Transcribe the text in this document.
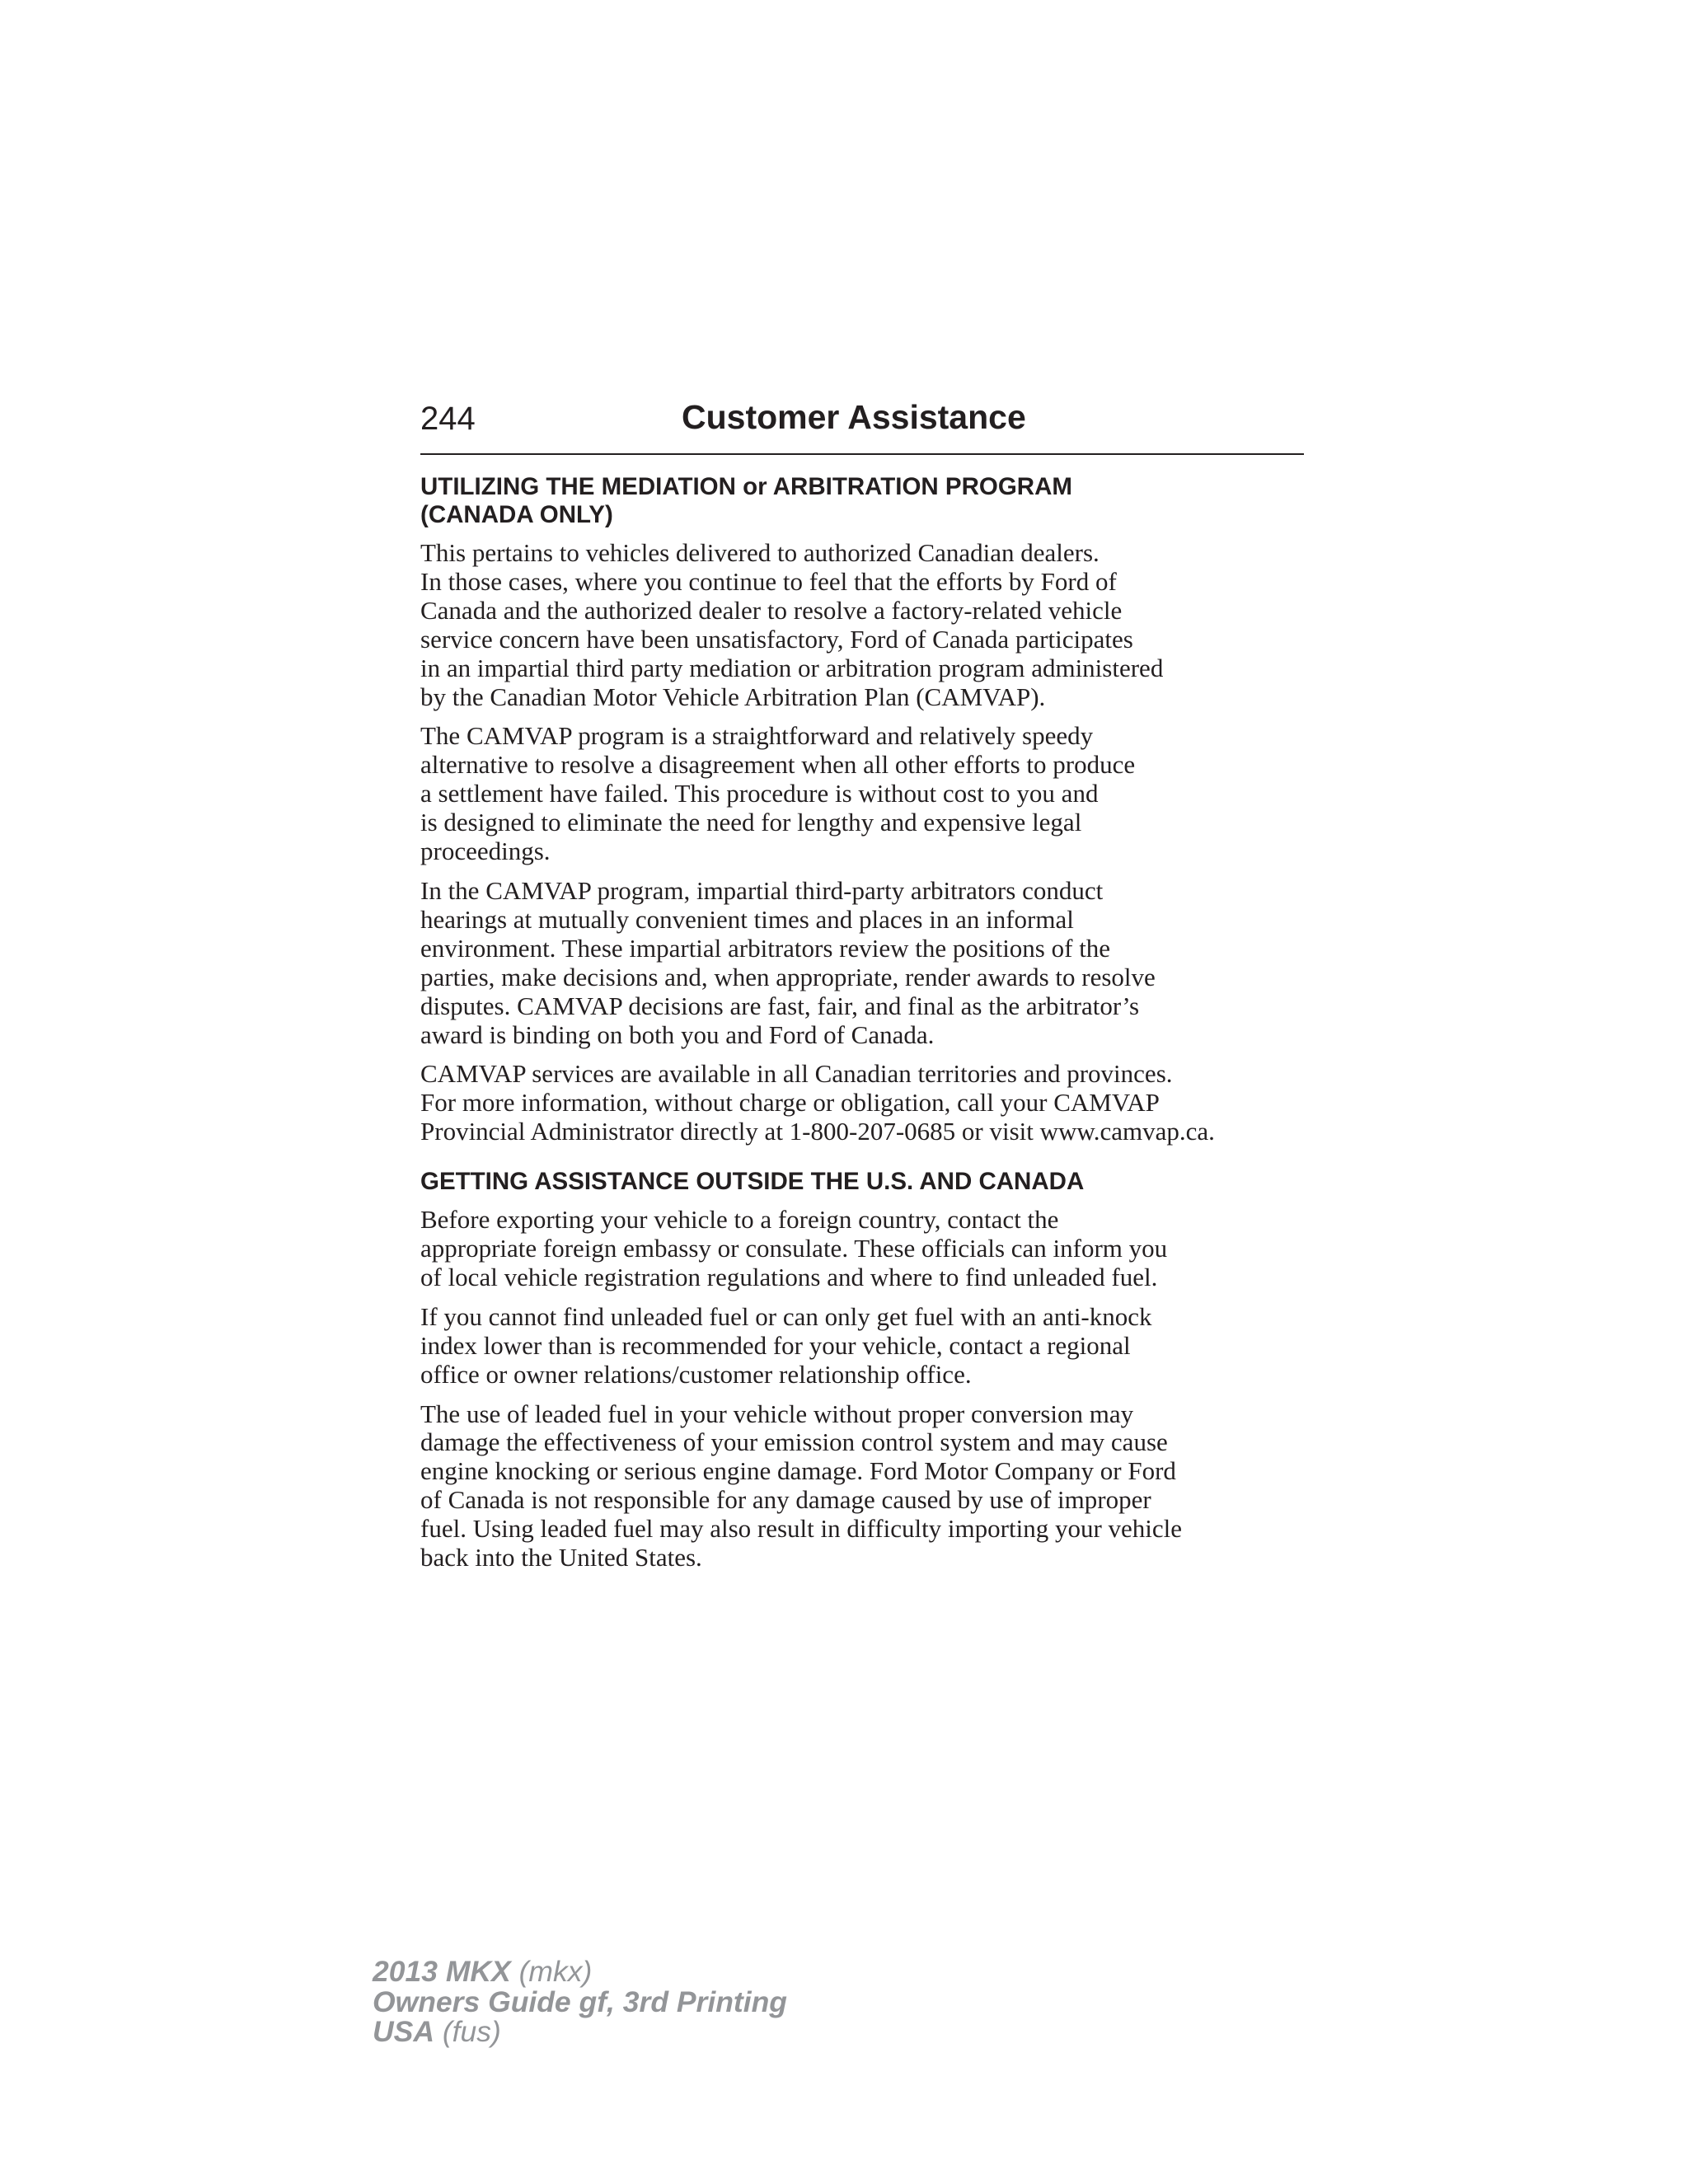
244	Customer Assistance
UTILIZING THE MEDIATION or ARBITRATION PROGRAM
(CANADA ONLY)

This pertains to vehicles delivered to authorized Canadian dealers.
In those cases, where you continue to feel that the efforts by Ford of
Canada and the authorized dealer to resolve a factory-related vehicle
service concern have been unsatisfactory, Ford of Canada participates
in an impartial third party mediation or arbitration program administered
by the Canadian Motor Vehicle Arbitration Plan (CAMVAP).

The CAMVAP program is a straightforward and relatively speedy
alternative to resolve a disagreement when all other efforts to produce
a settlement have failed. This procedure is without cost to you and
is designed to eliminate the need for lengthy and expensive legal
proceedings.

In the CAMVAP program, impartial third-party arbitrators conduct
hearings at mutually convenient times and places in an informal
environment. These impartial arbitrators review the positions of the
parties, make decisions and, when appropriate, render awards to resolve
disputes. CAMVAP decisions are fast, fair, and final as the arbitrator’s
award is binding on both you and Ford of Canada.

CAMVAP services are available in all Canadian territories and provinces.
For more information, without charge or obligation, call your CAMVAP
Provincial Administrator directly at 1-800-207-0685 or visit www.camvap.ca.

GETTING ASSISTANCE OUTSIDE THE U.S. AND CANADA

Before exporting your vehicle to a foreign country, contact the
appropriate foreign embassy or consulate. These officials can inform you
of local vehicle registration regulations and where to find unleaded fuel.

If you cannot find unleaded fuel or can only get fuel with an anti-knock
index lower than is recommended for your vehicle, contact a regional
office or owner relations/customer relationship office.

The use of leaded fuel in your vehicle without proper conversion may
damage the effectiveness of your emission control system and may cause
engine knocking or serious engine damage. Ford Motor Company or Ford
of Canada is not responsible for any damage caused by use of improper
fuel. Using leaded fuel may also result in difficulty importing your vehicle
back into the United States.

2013 MKX (mkx)
Owners Guide gf, 3rd Printing
USA (fus)
